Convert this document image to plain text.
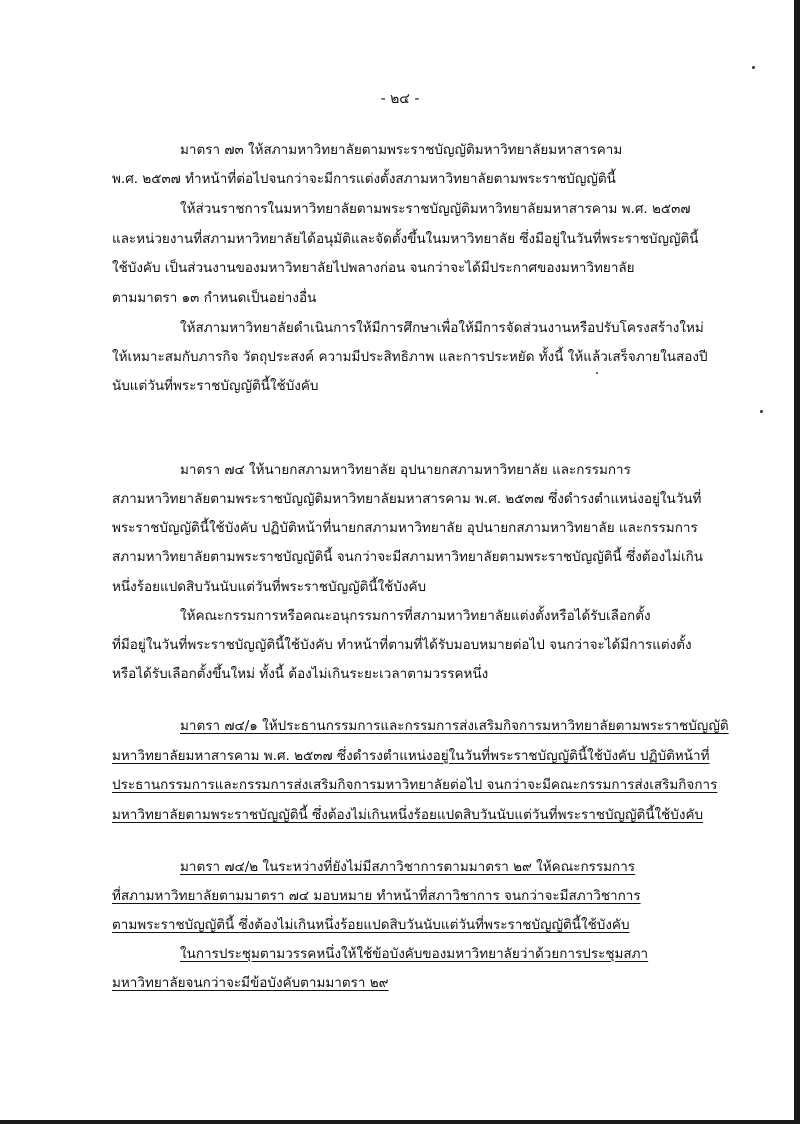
- ๒๔ -
มาตรา ๗๓ ให้สภามหาวิทยาลัยตามพระราชบัญญัติมหาวิทยาลัยมหาสารคาม
พ.ศ. ๒๕๓๗ ทำหน้าที่ต่อไปจนกว่าจะมีการแต่งตั้งสภามหาวิทยาลัยตามพระราชบัญญัตินี้
ให้ส่วนราชการในมหาวิทยาลัยตามพระราชบัญญัติมหาวิทยาลัยมหาสารคาม พ.ศ. ๒๕๓๗
และหน่วยงานที่สภามหาวิทยาลัยได้อนุมัติและจัดตั้งขึ้นในมหาวิทยาลัย ซึ่งมีอยู่ในวันที่พระราชบัญญัตินี้
ใช้บังคับ เป็นส่วนงานของมหาวิทยาลัยไปพลางก่อน จนกว่าจะได้มีประกาศของมหาวิทยาลัย
ตามมาตรา ๑๓ กำหนดเป็นอย่างอื่น
ให้สภามหาวิทยาลัยดำเนินการให้มีการศึกษาเพื่อให้มีการจัดส่วนงานหรือปรับโครงสร้างใหม่
ให้เหมาะสมกับภารกิจ วัตถุประสงค์ ความมีประสิทธิภาพ และการประหยัด ทั้งนี้ ให้แล้วเสร็จภายในสองปี
นับแต่วันที่พระราชบัญญัตินี้ใช้บังคับ
มาตรา ๗๔ ให้นายกสภามหาวิทยาลัย อุปนายกสภามหาวิทยาลัย และกรรมการ
สภามหาวิทยาลัยตามพระราชบัญญัติมหาวิทยาลัยมหาสารคาม พ.ศ. ๒๕๓๗ ซึ่งดำรงตำแหน่งอยู่ในวันที่
พระราชบัญญัตินี้ใช้บังคับ ปฏิบัติหน้าที่นายกสภามหาวิทยาลัย อุปนายกสภามหาวิทยาลัย และกรรมการ
สภามหาวิทยาลัยตามพระราชบัญญัตินี้ จนกว่าจะมีสภามหาวิทยาลัยตามพระราชบัญญัตินี้ ซึ่งต้องไม่เกิน
หนึ่งร้อยแปดสิบวันนับแต่วันที่พระราชบัญญัตินี้ใช้บังคับ
ให้คณะกรรมการหรือคณะอนุกรรมการที่สภามหาวิทยาลัยแต่งตั้งหรือได้รับเลือกตั้ง
ที่มีอยู่ในวันที่พระราชบัญญัตินี้ใช้บังคับ ทำหน้าที่ตามที่ได้รับมอบหมายต่อไป จนกว่าจะได้มีการแต่งตั้ง
หรือได้รับเลือกตั้งขึ้นใหม่ ทั้งนี้ ต้องไม่เกินระยะเวลาตามวรรคหนึ่ง
มาตรา ๗๔/๑ ให้ประธานกรรมการและกรรมการส่งเสริมกิจการมหาวิทยาลัยตามพระราชบัญญัติ
มหาวิทยาลัยมหาสารคาม พ.ศ. ๒๕๓๗ ซึ่งดำรงตำแหน่งอยู่ในวันที่พระราชบัญญัตินี้ใช้บังคับ ปฏิบัติหน้าที่
ประธานกรรมการและกรรมการส่งเสริมกิจการมหาวิทยาลัยต่อไป จนกว่าจะมีคณะกรรมการส่งเสริมกิจการ
มหาวิทยาลัยตามพระราชบัญญัตินี้ ซึ่งต้องไม่เกินหนึ่งร้อยแปดสิบวันนับแต่วันที่พระราชบัญญัตินี้ใช้บังคับ
มาตรา ๗๔/๒ ในระหว่างที่ยังไม่มีสภาวิชาการตามมาตรา ๒๙ ให้คณะกรรมการ
ที่สภามหาวิทยาลัยตามมาตรา ๗๔ มอบหมาย ทำหน้าที่สภาวิชาการ จนกว่าจะมีสภาวิชาการ
ตามพระราชบัญญัตินี้ ซึ่งต้องไม่เกินหนึ่งร้อยแปดสิบวันนับแต่วันที่พระราชบัญญัตินี้ใช้บังคับ
ในการประชุมตามวรรคหนึ่งให้ใช้ข้อบังคับของมหาวิทยาลัยว่าด้วยการประชุมสภา
มหาวิทยาลัยจนกว่าจะมีข้อบังคับตามมาตรา ๒๙
